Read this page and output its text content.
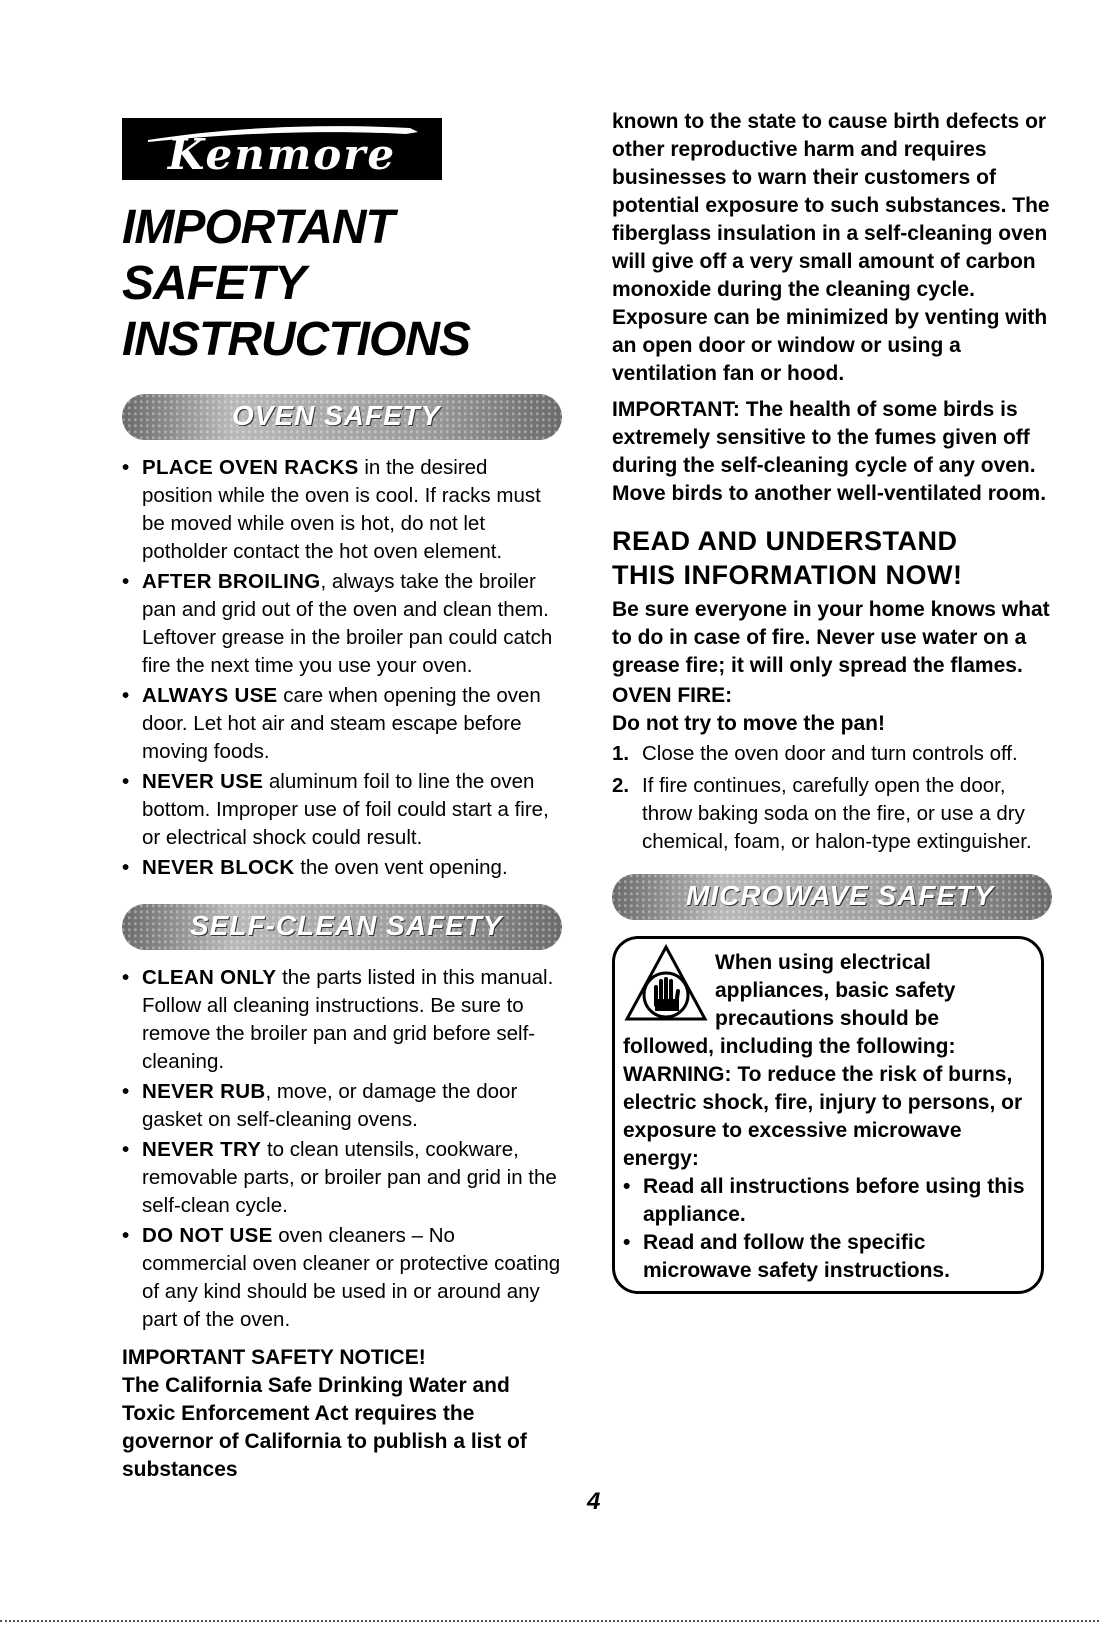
Kenmore
IMPORTANT SAFETY
INSTRUCTIONS
OVEN SAFETY
• PLACE OVEN RACKS in the desired position while the oven is cool. If racks must be moved while oven is hot, do not let potholder contact the hot oven element.
• AFTER BROILING, always take the broiler pan and grid out of the oven and clean them. Leftover grease in the broiler pan could catch fire the next time you use your oven.
• ALWAYS USE care when opening the oven door. Let hot air and steam escape before moving foods.
• NEVER USE aluminum foil to line the oven bottom. Improper use of foil could start a fire, or electrical shock could result.
• NEVER BLOCK the oven vent opening.
SELF-CLEAN SAFETY
• CLEAN ONLY the parts listed in this manual. Follow all cleaning instructions. Be sure to remove the broiler pan and grid before self-cleaning.
• NEVER RUB, move, or damage the door gasket on self-cleaning ovens.
• NEVER TRY to clean utensils, cookware, removable parts, or broiler pan and grid in the self-clean cycle.
• DO NOT USE oven cleaners – No commercial oven cleaner or protective coating of any kind should be used in or around any part of the oven.

IMPORTANT SAFETY NOTICE!

The California Safe Drinking Water and Toxic Enforcement Act requires the governor of California to publish a list of substances

known to the state to cause birth defects or other reproductive harm and requires businesses to warn their customers of potential exposure to such substances. The fiberglass insulation in a self-cleaning oven will give off a very small amount of carbon monoxide during the cleaning cycle. Exposure can be minimized by venting with an open door or window or using a ventilation fan or hood.

IMPORTANT: The health of some birds is extremely sensitive to the fumes given off during the self-cleaning cycle of any oven. Move birds to another well-ventilated room.

READ AND UNDERSTAND
THIS INFORMATION NOW!

Be sure everyone in your home knows what to do in case of fire. Never use water on a grease fire; it will only spread the flames.

OVEN FIRE:

Do not try to move the pan!

1. Close the oven door and turn controls off.
2. If fire continues, carefully open the door, throw baking soda on the fire, or use a dry chemical, foam, or halon-type extinguisher.
MICROWAVE SAFETY

When using electrical appliances, basic safety precautions should be followed, including the following:

WARNING: To reduce the risk of burns, electric shock, fire, injury to persons, or exposure to excessive microwave energy:

• Read all instructions before using this appliance.
• Read and follow the specific microwave safety instructions.
4
